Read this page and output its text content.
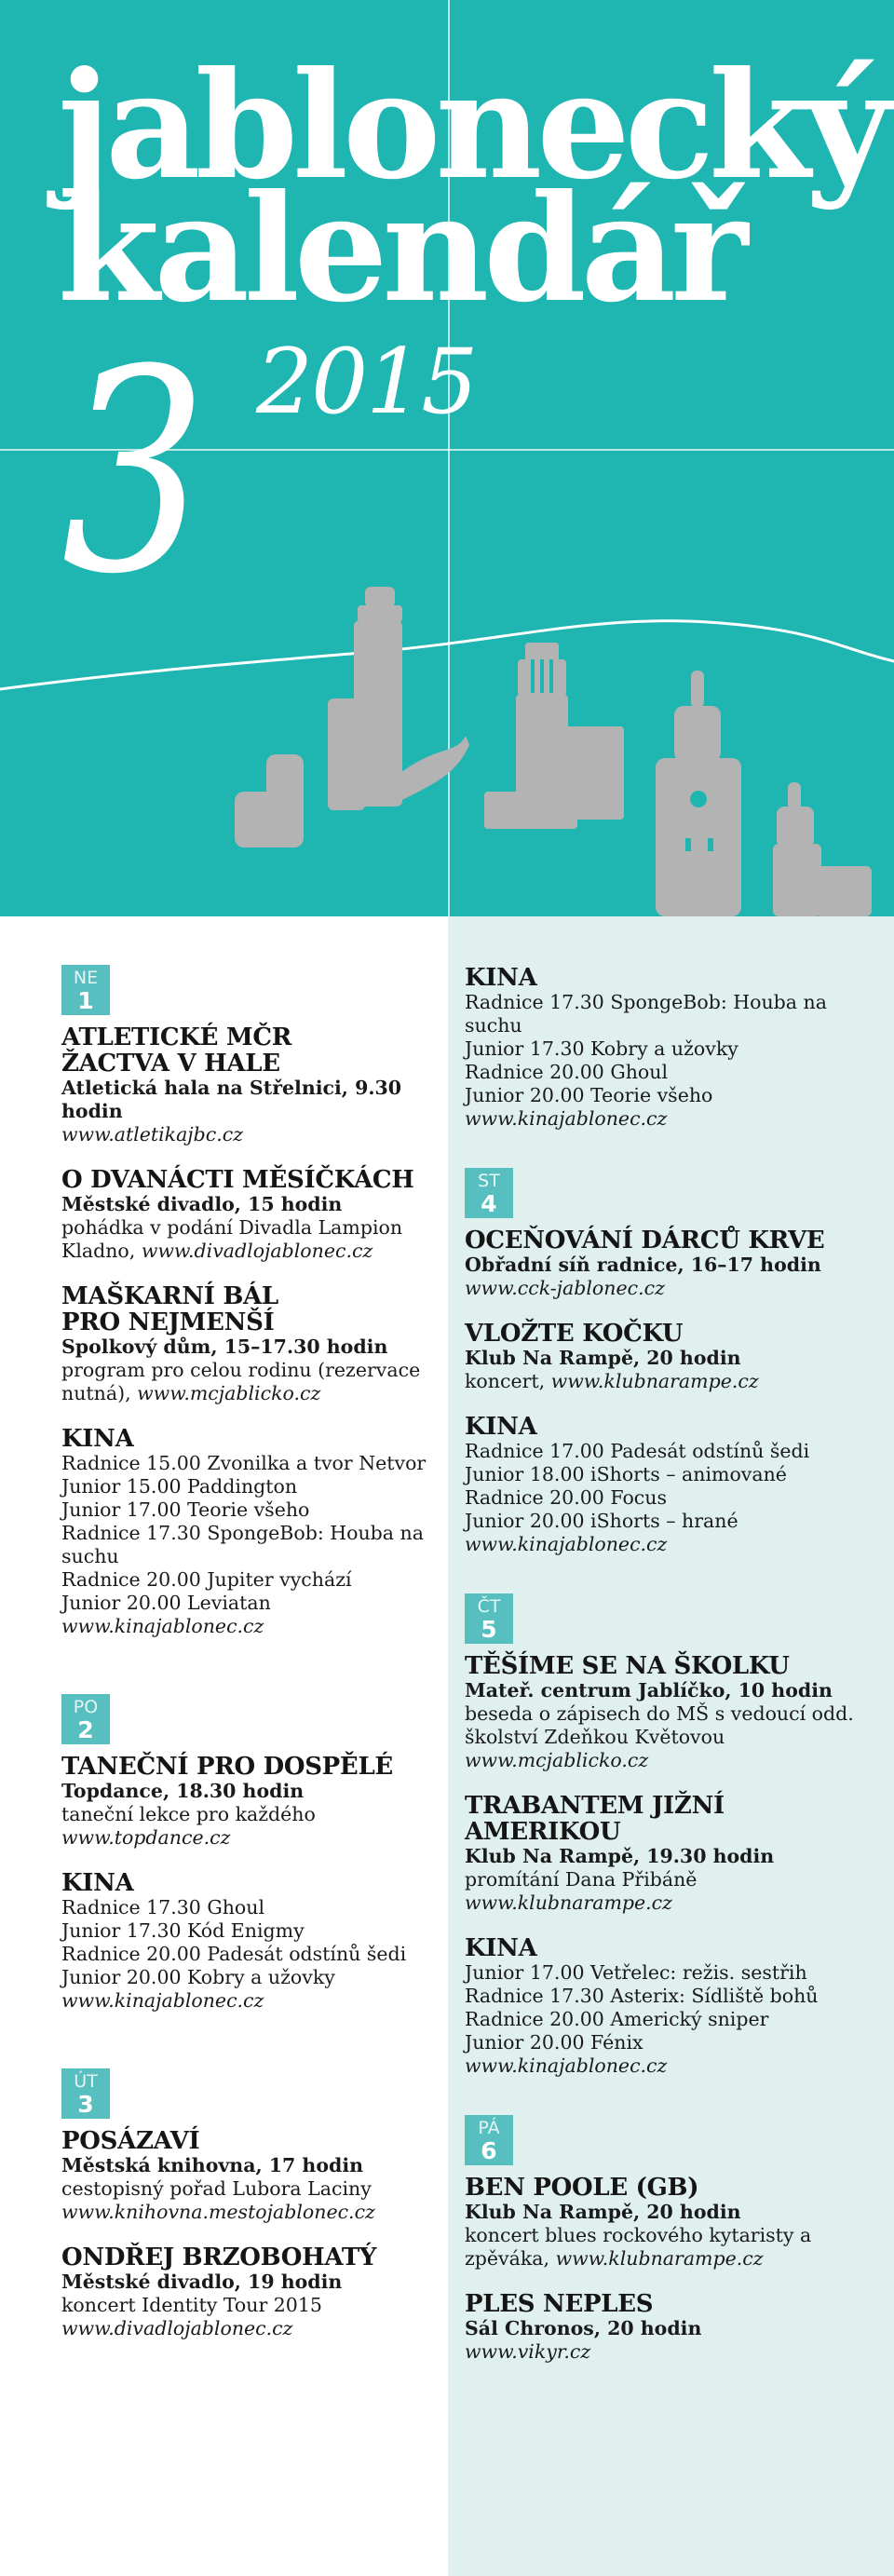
jablonecký
kalendář
3 2015
NE
1
ATLETICKÉ MČR ŽACTVA V HALE
Atletická hala na Střelnici, 9.30 hodin
www.atletikajbc.cz
O DVANÁCTI MĚSÍČKÁCH
Městské divadlo, 15 hodin
pohádka v podání Divadla Lampion Kladno, www.divadlojablonec.cz
MAŠKARNÍ BÁL PRO NEJMENŠÍ
Spolkový dům, 15–17.30 hodin
program pro celou rodinu (rezervace nutná), www.mcjablicko.cz
KINA
Radnice 15.00 Zvonilka a tvor Netvor
Junior 15.00 Paddington
Junior 17.00 Teorie všeho
Radnice 17.30 SpongeBob: Houba na suchu
Radnice 20.00 Jupiter vychází
Junior 20.00 Leviatan
www.kinajablonec.cz
PO
2
TANEČNÍ PRO DOSPĚLÉ
Topdance, 18.30 hodin
taneční lekce pro každého
www.topdance.cz
KINA
Radnice 17.30 Ghoul
Junior 17.30 Kód Enigmy
Radnice 20.00 Padesát odstínů šedi
Junior 20.00 Kobry a užovky
www.kinajablonec.cz
ÚT
3
POSÁZAVÍ
Městská knihovna, 17 hodin
cestopisný pořad Lubora Laciny
www.knihovna.mestojablonec.cz
ONDŘEJ BRZOBOHATÝ
Městské divadlo, 19 hodin
koncert Identity Tour 2015
www.divadlojablonec.cz
KINA
Radnice 17.30 SpongeBob: Houba na suchu
Junior 17.30 Kobry a užovky
Radnice 20.00 Ghoul
Junior 20.00 Teorie všeho
www.kinajablonec.cz
ST
4
OCEŇOVÁNÍ DÁRCŮ KRVE
Obřadní síň radnice, 16–17 hodin
www.cck-jablonec.cz
VLOŽTE KOČKU
Klub Na Rampě, 20 hodin
koncert, www.klubnarampe.cz
KINA
Radnice 17.00 Padesát odstínů šedi
Junior 18.00 iShorts – animované
Radnice 20.00 Focus
Junior 20.00 iShorts – hrané
www.kinajablonec.cz
ČT
5
TĚŠÍME SE NA ŠKOLKU
Mateř. centrum Jablíčko, 10 hodin
beseda o zápisech do MŠ s vedoucí odd. školství Zdeňkou Květovou
www.mcjablicko.cz
TRABANTEM JIŽNÍ AMERIKOU
Klub Na Rampě, 19.30 hodin
promítání Dana Přibáně
www.klubnarampe.cz
KINA
Junior 17.00 Vetřelec: režis. sestřih
Radnice 17.30 Asterix: Sídliště bohů
Radnice 20.00 Americký sniper
Junior 20.00 Fénix
www.kinajablonec.cz
PÁ
6
BEN POOLE (GB)
Klub Na Rampě, 20 hodin
koncert blues rockového kytaristy a zpěváka, www.klubnarampe.cz
PLES NEPLES
Sál Chronos, 20 hodin
www.vikyr.cz
